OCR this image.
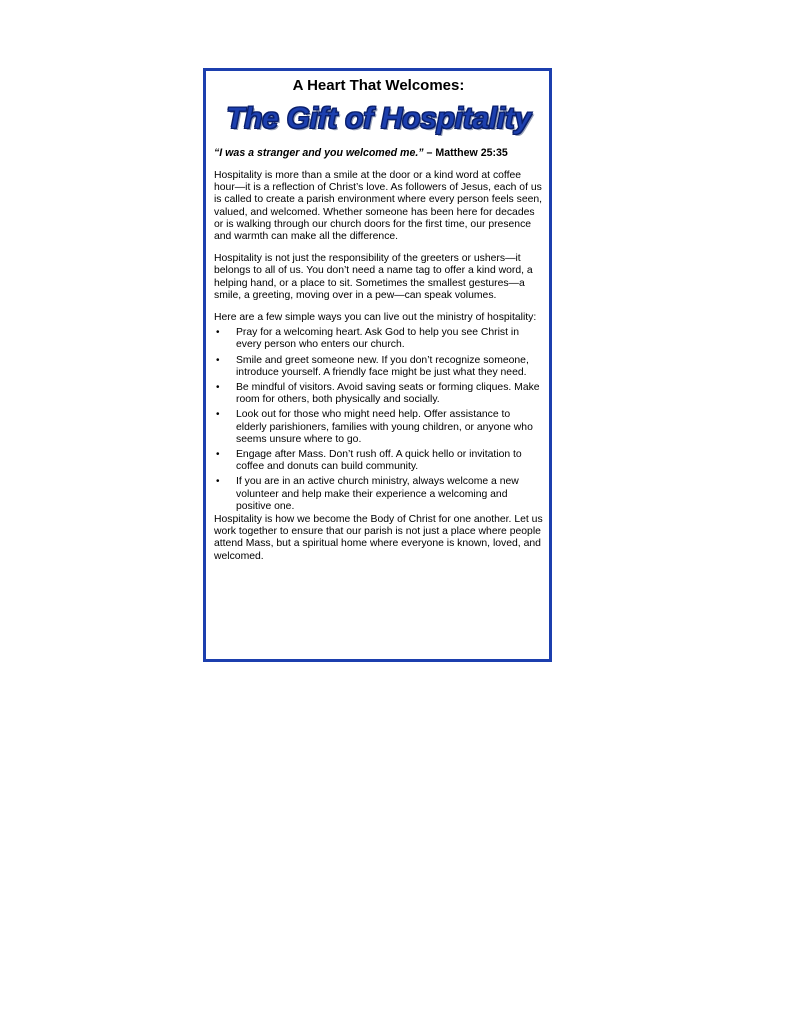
A Heart That Welcomes:
The Gift of Hospitality
“I was a stranger and you welcomed me.” – Matthew 25:35

Hospitality is more than a smile at the door or a kind word at coffee hour—it is a reflection of Christ’s love. As followers of Jesus, each of us is called to create a parish environment where every person feels seen, valued, and welcomed. Whether someone has been here for decades or is walking through our church doors for the first time, our presence and warmth can make all the difference.

Hospitality is not just the responsibility of the greeters or ushers—it belongs to all of us. You don’t need a name tag to offer a kind word, a helping hand, or a place to sit. Sometimes the smallest gestures—a smile, a greeting, moving over in a pew—can speak volumes.

Here are a few simple ways you can live out the ministry of hospitality:

• Pray for a welcoming heart. Ask God to help you see Christ in every person who enters our church.
• Smile and greet someone new. If you don’t recognize someone, introduce yourself. A friendly face might be just what they need.
• Be mindful of visitors. Avoid saving seats or forming cliques. Make room for others, both physically and socially.
• Look out for those who might need help. Offer assistance to elderly parishioners, families with young children, or anyone who seems unsure where to go.
• Engage after Mass. Don’t rush off. A quick hello or invitation to coffee and donuts can build community.
• If you are in an active church ministry, always welcome a new volunteer and help make their experience a welcoming and positive one.

Hospitality is how we become the Body of Christ for one another. Let us work together to ensure that our parish is not just a place where people attend Mass, but a spiritual home where everyone is known, loved, and welcomed.
